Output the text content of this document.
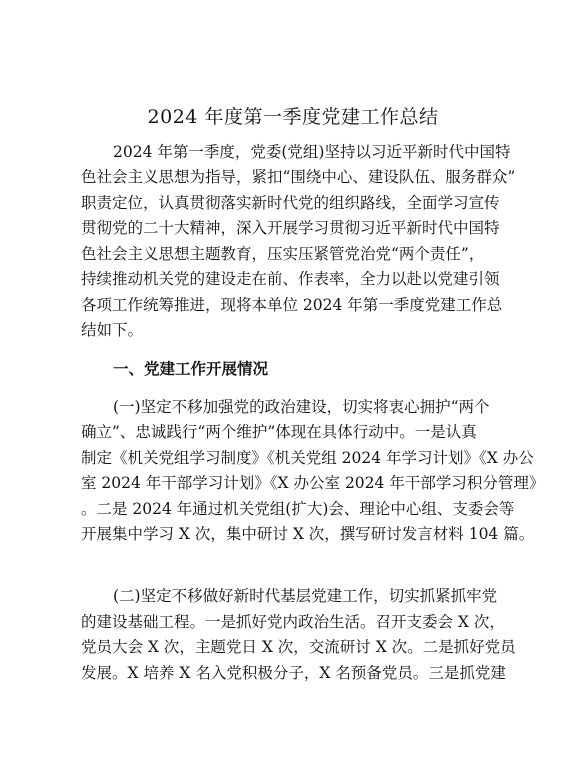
2024 年度第一季度党建工作总结
2024 年第一季度，党委(党组)坚持以习近平新时代中国特
色社会主义思想为指导，紧扣“围绕中心、建设队伍、服务群众”
职责定位，认真贯彻落实新时代党的组织路线，全面学习宣传
贯彻党的二十大精神，深入开展学习贯彻习近平新时代中国特
色社会主义思想主题教育，压实压紧管党治党“两个责任”，
持续推动机关党的建设走在前、作表率，全力以赴以党建引领
各项工作统筹推进，现将本单位 2024 年第一季度党建工作总
结如下。
一、党建工作开展情况
(一)坚定不移加强党的政治建设，切实将衷心拥护“两个
确立”、忠诚践行“两个维护”体现在具体行动中。一是认真
制定《机关党组学习制度》《机关党组 2024 年学习计划》《X 办公
室 2024 年干部学习计划》《X 办公室 2024 年干部学习积分管理》
。二是 2024 年通过机关党组(扩大)会、理论中心组、支委会等
开展集中学习 X 次，集中研讨 X 次，撰写研讨发言材料 104 篇。
(二)坚定不移做好新时代基层党建工作，切实抓紧抓牢党
的建设基础工程。一是抓好党内政治生活。召开支委会 X 次，
党员大会 X 次，主题党日 X 次，交流研讨 X 次。二是抓好党员
发展。X 培养 X 名入党积极分子，X 名预备党员。三是抓党建
